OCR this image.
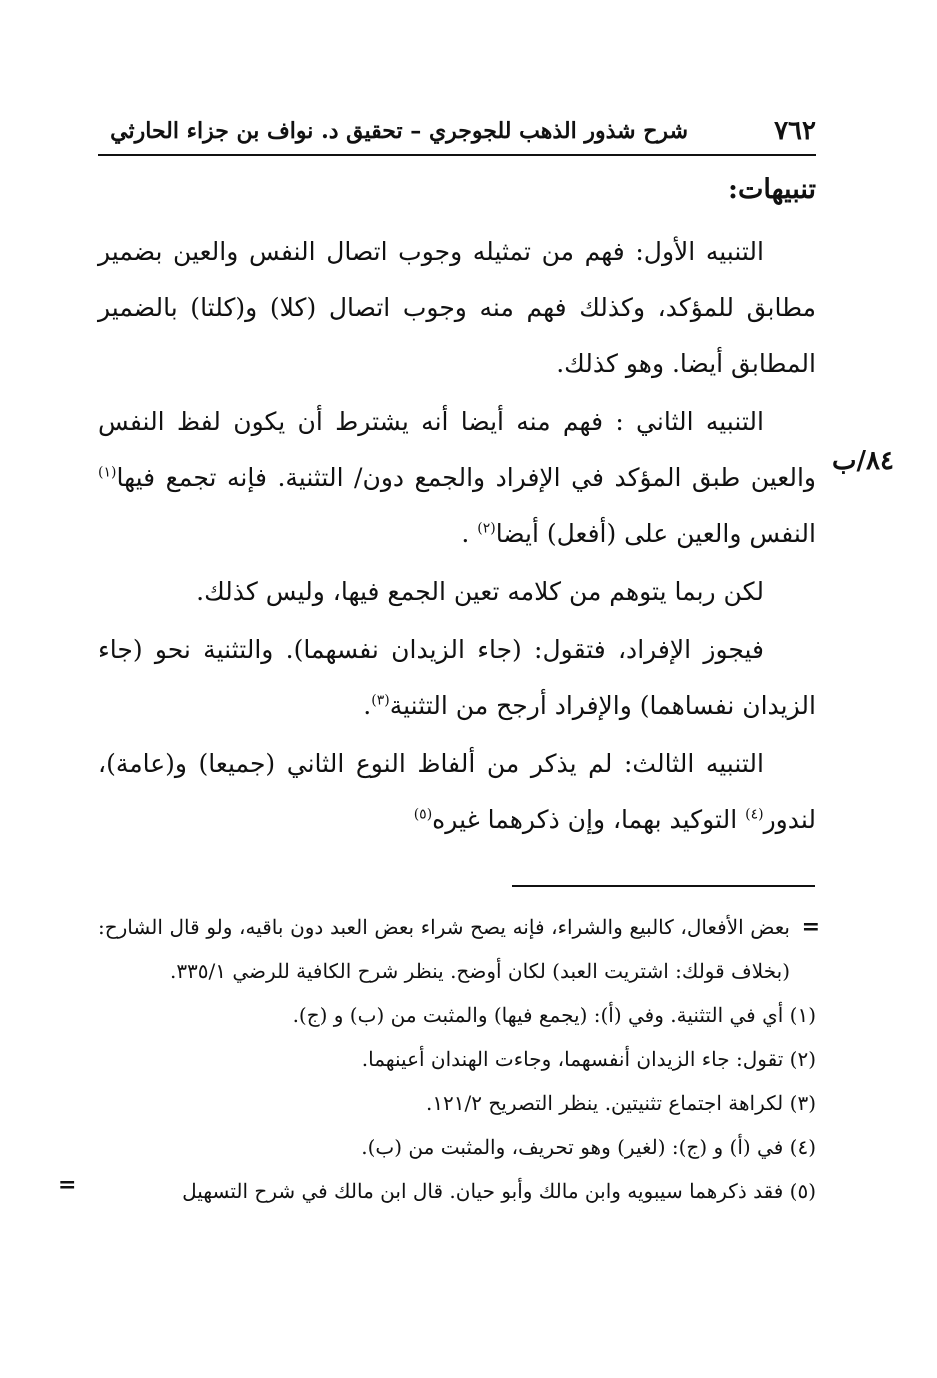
٧٦٢
شرح شذور الذهب للجوجري – تحقيق د. نواف بن جزاء الحارثي
٨٤/ب
تنبيهات:

التنبيه الأول: فهم من تمثيله وجوب اتصال النفس والعين بضمير مطابق للمؤكد، وكذلك فهم منه وجوب اتصال (كلا) و(كلتا) بالضمير المطابق أيضا. وهو كذلك.

التنبيه الثاني : فهم منه أيضا أنه يشترط أن يكون لفظ النفس والعين طبق المؤكد في الإفراد والجمع دون/ التثنية. فإنه تجمع فيها$^{(١)}$ النفس والعين على (أفعل) أيضا$^{(٢)}$ .

لكن ربما يتوهم من كلامه تعين الجمع فيها، وليس كذلك.

فيجوز الإفراد، فتقول: (جاء الزيدان نفسهما). والتثنية نحو (جاء الزيدان نفساهما) والإفراد أرجح من التثنية$^{(٣)}$.

التنبيه الثالث: لم يذكر من ألفاظ النوع الثاني (جميعا) و(عامة)، لندور$^{(٤)}$ التوكيد بهما، وإن ذكرهما غيره$^{(٥)}$

=
بعض الأفعال، كالبيع والشراء، فإنه يصح شراء بعض العبد دون باقيه، ولو قال الشارح: (بخلاف قولك: اشتريت العبد) لكان أوضح. ينظر شرح الكافية للرضي ٣٣٥/١.

(١) أي في التثنية. وفي (أ): (يجمع فيها) والمثبت من (ب) و (ج).

(٢) تقول: جاء الزيدان أنفسهما، وجاءت الهندان أعينهما.

(٣) لكراهة اجتماع تثنيتين. ينظر التصريح ١٢١/٢.

(٤) في (أ) و (ج): (لغير) وهو تحريف، والمثبت من (ب).

(٥) فقد ذكرهما سيبويه وابن مالك وأبو حيان. قال ابن مالك في شرح التسهيل
=
